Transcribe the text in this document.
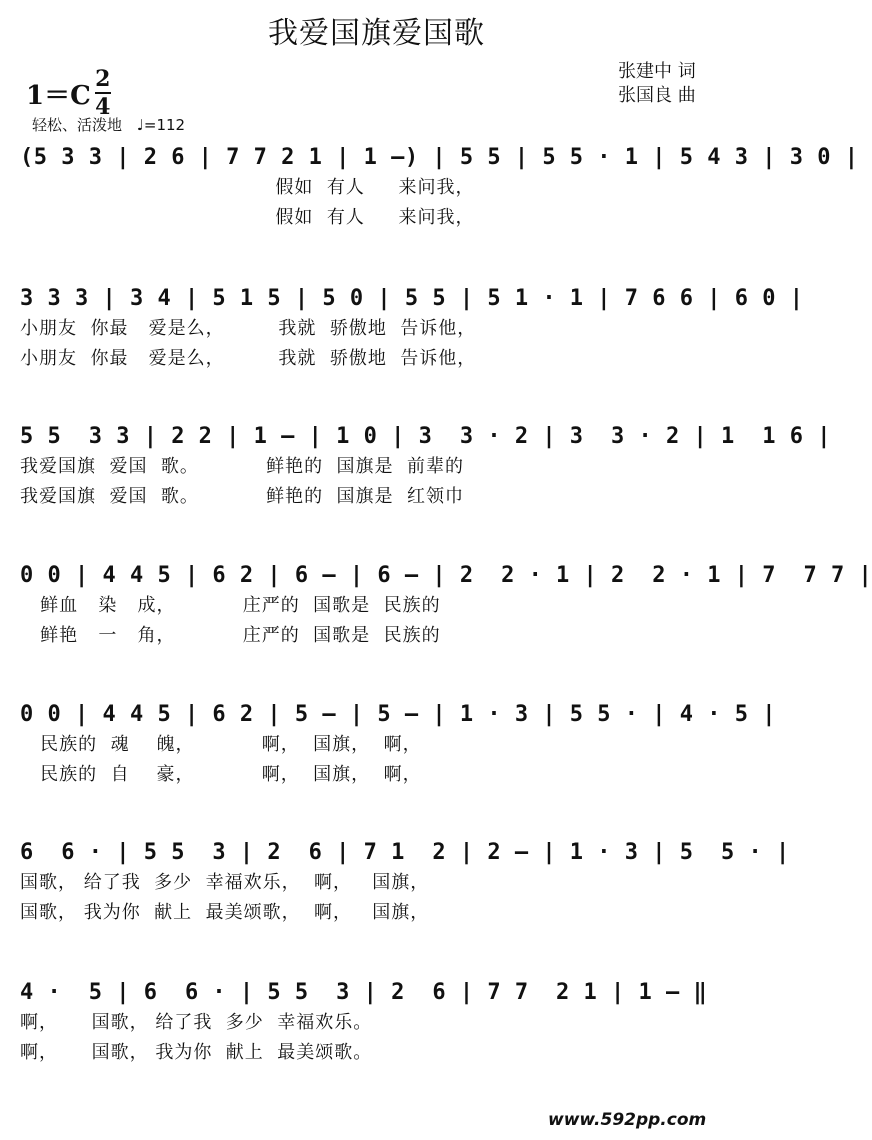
我爱国旗爱国歌
$1=C \frac{2}{4}$
轻松、活泼地 ♩=112
张建中 词
张国良 曲
(5 3 3 | 2 6 | 7 7 2 1 | 1 —) | 5 5 | 5 5 · 1 | 5 4 3 | 3 0 |
假如  有人     来问我，
假如  有人     来问我，
3 3 3 | 3 4 | 5 1 5 | 5 0 | 5 5 | 5 1 · 1 | 7 6 6 | 6 0 |
小朋友  你最   爱是么，        我就  骄傲地  告诉他，
小朋友  你最   爱是么，        我就  骄傲地  告诉他，
5 5  3 3 | 2 2 | 1 — | 1 0 | 3  3 · 2 | 3  3 · 2 | 1  1 6 |
我爱国旗  爱国  歌。          鲜艳的  国旗是  前辈的
我爱国旗  爱国  歌。          鲜艳的  国旗是  红领巾
0 0 | 4 4 5 | 6 2 | 6 — | 6 — | 2  2 · 1 | 2  2 · 1 | 7  7 7 |
鲜血   染   成，          庄严的  国歌是  民族的
鲜艳   一   角，          庄严的  国歌是  民族的
0 0 | 4 4 5 | 6 2 | 5 — | 5 — | 1 · 3 | 5 5 · | 4 · 5 |
民族的  魂    魄，          啊，  国旗，  啊，
民族的  自    豪，          啊，  国旗，  啊，
6  6 · | 5 5  3 | 2  6 | 7 1  2 | 2 — | 1 · 3 | 5  5 · |
国歌， 给了我  多少  幸福欢乐，  啊，   国旗，
国歌， 我为你  献上  最美颂歌，  啊，   国旗，
4 ·  5 | 6  6 · | 5 5  3 | 2  6 | 7 7  2 1 | 1 — ‖
啊，     国歌， 给了我  多少  幸福欢乐。
啊，     国歌， 我为你  献上  最美颂歌。
www.592pp.com
